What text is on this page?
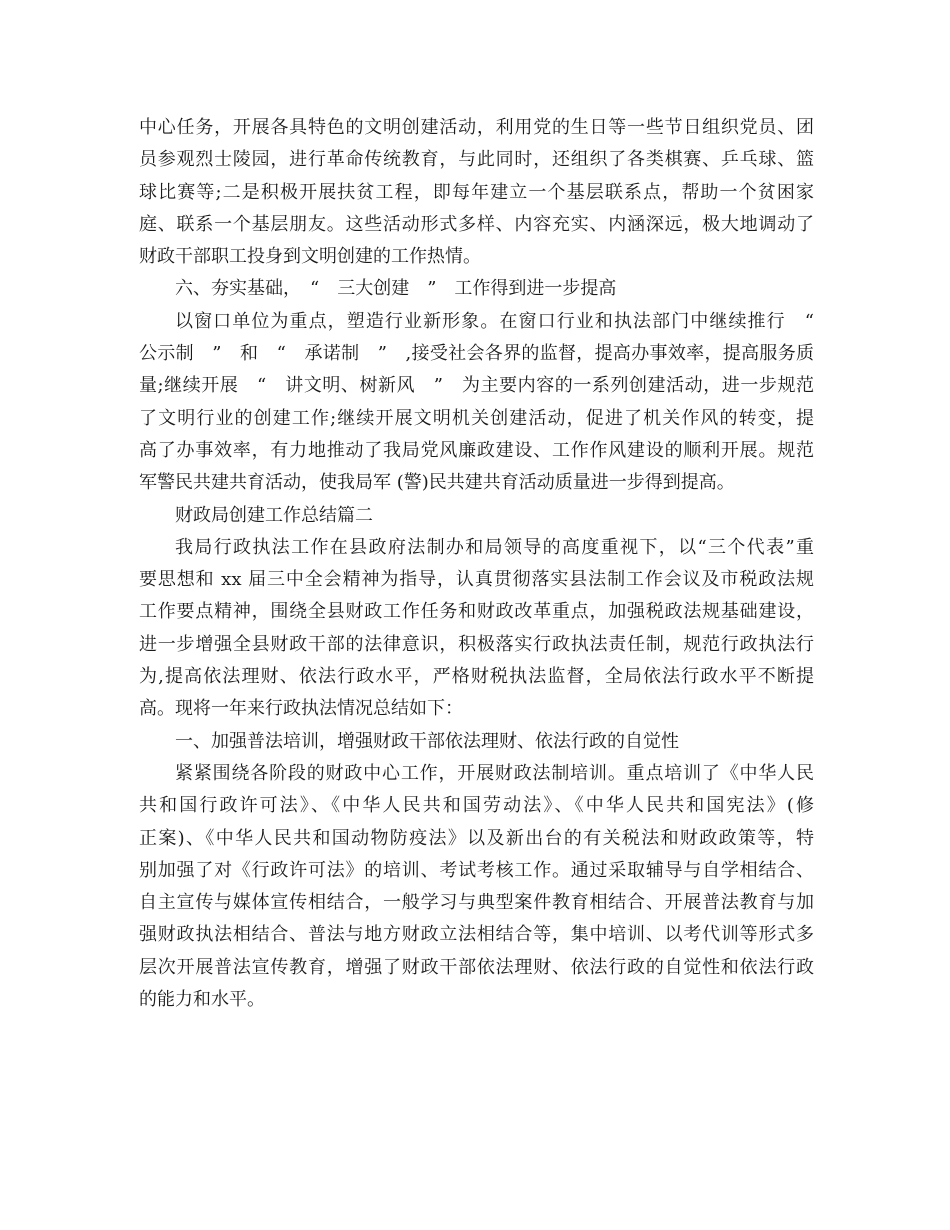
中心任务，开展各具特色的文明创建活动，利用党的生日等一些节日组织党员、团
员参观烈士陵园，进行革命传统教育，与此同时，还组织了各类棋赛、乒乓球、篮
球比赛等;二是积极开展扶贫工程，即每年建立一个基层联系点，帮助一个贫困家
庭、联系一个基层朋友。这些活动形式多样、内容充实、内涵深远，极大地调动了
财政干部职工投身到文明创建的工作热情。
六、夯实基础，　“　三大创建　”　工作得到进一步提高
以窗口单位为重点，塑造行业新形象。在窗口行业和执法部门中继续推行　“
公示制　”　和　“　承诺制　”　,接受社会各界的监督，提高办事效率，提高服务质
量;继续开展　“　讲文明、树新风　”　为主要内容的一系列创建活动，进一步规范
了文明行业的创建工作;继续开展文明机关创建活动，促进了机关作风的转变，提
高了办事效率，有力地推动了我局党风廉政建设、工作作风建设的顺利开展。规范
军警民共建共育活动，使我局军 (警)民共建共育活动质量进一步得到提高。
财政局创建工作总结篇二
我局行政执法工作在县政府法制办和局领导的高度重视下，以“三个代表”重
要思想和 xx 届三中全会精神为指导，认真贯彻落实县法制工作会议及市税政法规
工作要点精神，围绕全县财政工作任务和财政改革重点，加强税政法规基础建设，
进一步增强全县财政干部的法律意识，积极落实行政执法责任制，规范行政执法行
为,提高依法理财、依法行政水平，严格财税执法监督，全局依法行政水平不断提
高。现将一年来行政执法情况总结如下：
一、加强普法培训，增强财政干部依法理财、依法行政的自觉性
紧紧围绕各阶段的财政中心工作，开展财政法制培训。重点培训了《中华人民
共和国行政许可法》、《中华人民共和国劳动法》、《中华人民共和国宪法》(修
正案)、《中华人民共和国动物防疫法》以及新出台的有关税法和财政政策等，特
别加强了对《行政许可法》的培训、考试考核工作。通过采取辅导与自学相结合、
自主宣传与媒体宣传相结合，一般学习与典型案件教育相结合、开展普法教育与加
强财政执法相结合、普法与地方财政立法相结合等，集中培训、以考代训等形式多
层次开展普法宣传教育，增强了财政干部依法理财、依法行政的自觉性和依法行政
的能力和水平。
